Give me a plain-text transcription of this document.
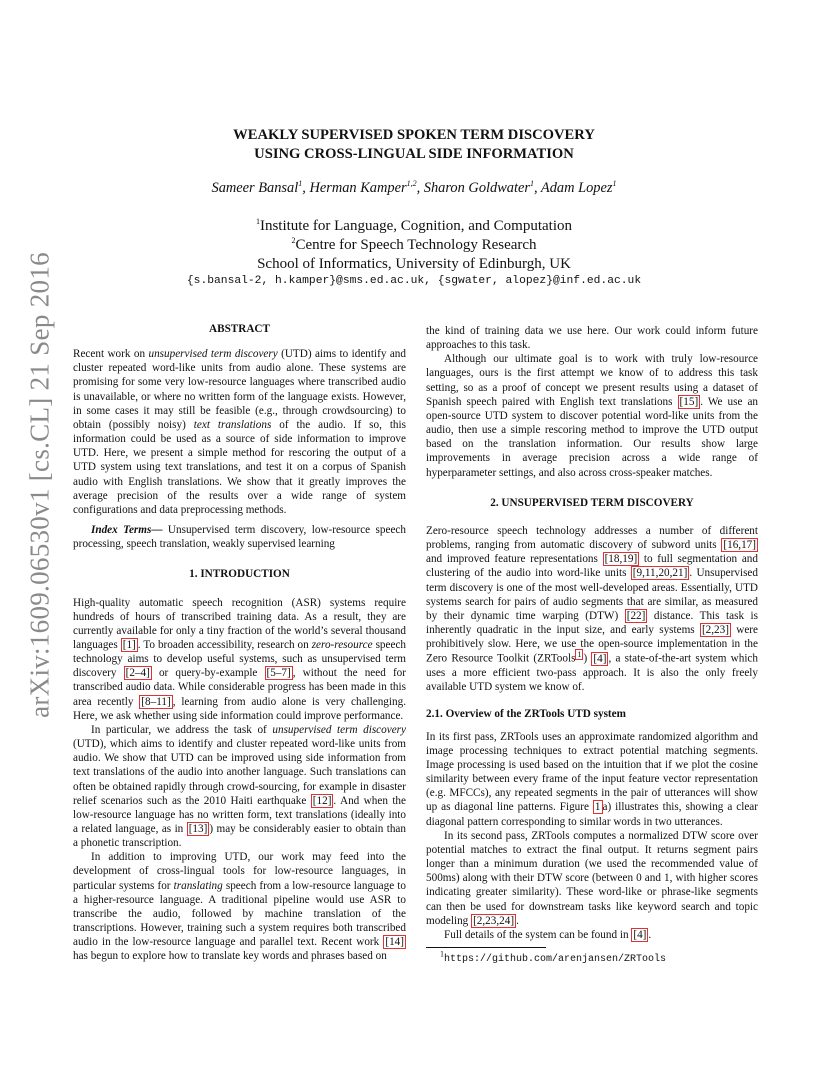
arXiv:1609.06530v1 [cs.CL] 21 Sep 2016
WEAKLY SUPERVISED SPOKEN TERM DISCOVERY
USING CROSS-LINGUAL SIDE INFORMATION
Sameer Bansal$^1$, Herman Kamper$^{1,2}$, Sharon Goldwater$^1$, Adam Lopez$^1$
$^1$Institute for Language, Cognition, and Computation
$^2$Centre for Speech Technology Research
School of Informatics, University of Edinburgh, UK
{s.bansal-2, h.kamper}@sms.ed.ac.uk, {sgwater, alopez}@inf.ed.ac.uk

ABSTRACT

Recent work on unsupervised term discovery (UTD) aims to identify and cluster repeated word-like units from audio alone. These systems are promising for some very low-resource languages where transcribed audio is unavailable, or where no written form of the language exists. However, in some cases it may still be feasible (e.g., through crowdsourcing) to obtain (possibly noisy) text translations of the audio. If so, this information could be used as a source of side information to improve UTD. Here, we present a simple method for rescoring the output of a UTD system using text translations, and test it on a corpus of Spanish audio with English translations. We show that it greatly improves the average precision of the results over a wide range of system configurations and data preprocessing methods.

Index Terms— Unsupervised term discovery, low-resource speech processing, speech translation, weakly supervised learning

1. INTRODUCTION

High-quality automatic speech recognition (ASR) systems require hundreds of hours of transcribed training data. As a result, they are currently available for only a tiny fraction of the world’s several thousand languages [1] . To broaden accessibility, research on zero-resource speech technology aims to develop useful systems, such as unsupervised term discovery [2–4] or query-by-example [5–7] , without the need for transcribed audio data. While considerable progress has been made in this area recently [8–11] , learning from audio alone is very challenging. Here, we ask whether using side information could improve performance.

In particular, we address the task of unsupervised term discovery (UTD), which aims to identify and cluster repeated word-like units from audio. We show that UTD can be improved using side information from text translations of the audio into another language. Such translations can often be obtained rapidly through crowd-sourcing, for example in disaster relief scenarios such as the 2010 Haiti earthquake [12] . And when the low-resource language has no written form, text translations (ideally into a related language, as in [13] ) may be considerably easier to obtain than a phonetic transcription.

In addition to improving UTD, our work may feed into the development of cross-lingual tools for low-resource languages, in particular systems for translating speech from a low-resource language to a higher-resource language. A traditional pipeline would use ASR to transcribe the audio, followed by machine translation of the transcriptions. However, training such a system requires both transcribed audio in the low-resource language and parallel text. Recent work [14] has begun to explore how to translate key words and phrases based on

the kind of training data we use here. Our work could inform future approaches to this task.

Although our ultimate goal is to work with truly low-resource languages, ours is the first attempt we know of to address this task setting, so as a proof of concept we present results using a dataset of Spanish speech paired with English text translations [15] . We use an open-source UTD system to discover potential word-like units from the audio, then use a simple rescoring method to improve the UTD output based on the translation information. Our results show large improvements in average precision across a wide range of hyperparameter settings, and also across cross-speaker matches.

2. UNSUPERVISED TERM DISCOVERY

Zero-resource speech technology addresses a number of different problems, ranging from automatic discovery of subword units [16,17] and improved feature representations [18,19] to full segmentation and clustering of the audio into word-like units [9,11,20,21] . Unsupervised term discovery is one of the most well-developed areas. Essentially, UTD systems search for pairs of audio segments that are similar, as measured by their dynamic time warping (DTW) [22] distance. This task is inherently quadratic in the input size, and early systems [2,23] were prohibitively slow. Here, we use the open-source implementation in the Zero Resource Toolkit (ZRTools $^1$ ) [4] , a state-of-the-art system which uses a more efficient two-pass approach. It is also the only freely available UTD system we know of.

2.1. Overview of the ZRTools UTD system

In its first pass, ZRTools uses an approximate randomized algorithm and image processing techniques to extract potential matching segments. Image processing is used based on the intuition that if we plot the cosine similarity between every frame of the input feature vector representation (e.g. MFCCs), any repeated segments in the pair of utterances will show up as diagonal line patterns. Figure 1 a) illustrates this, showing a clear diagonal pattern corresponding to similar words in two utterances.

In its second pass, ZRTools computes a normalized DTW score over potential matches to extract the final output. It returns segment pairs longer than a minimum duration (we used the recommended value of 500ms) along with their DTW score (between 0 and 1, with higher scores indicating greater similarity). These word-like or phrase-like segments can then be used for downstream tasks like keyword search and topic modeling [2,23,24] .

Full details of the system can be found in [4] .

$^1$https://github.com/arenjansen/ZRTools
